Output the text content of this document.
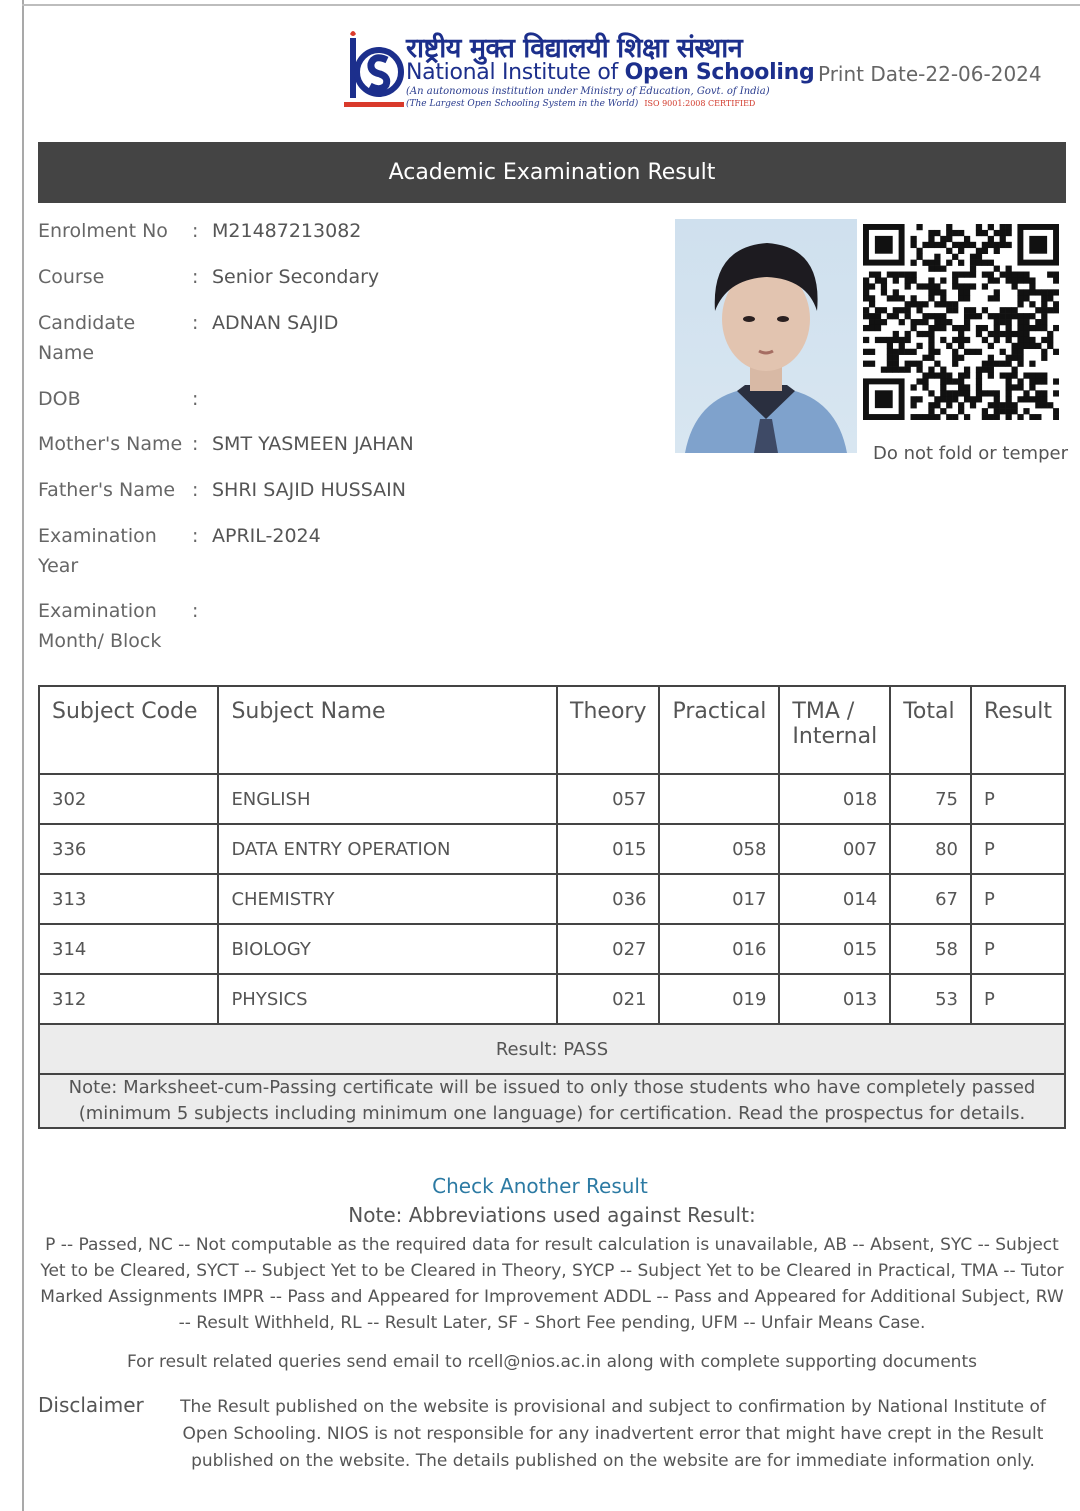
राष्ट्रीय मुक्त विद्यालयी शिक्षा संस्थान
National Institute of Open Schooling
(An autonomous institution under Ministry of Education, Govt. of India)
(The Largest Open Schooling System in the World) ISO 9001:2008 CERTIFIED
Print Date-22-06-2024
Academic Examination Result
Enrolment No	: M21487213082
Course	: Senior Secondary
Candidate
Name
: ADNAN SAJID
DOB	:
Mother's Name : SMT YASMEEN JAHAN
Father's Name : SHRI SAJID HUSSAIN
Examination
Year
: APRIL-2024
Examination
Month/ Block
:
Do not fold or temper
Subject Code	Subject Name	Theory	Practical	TMA /
Internal	Total	Result
302	ENGLISH	057		018	75	P
336	DATA ENTRY OPERATION	015	058	007	80	P
313	CHEMISTRY	036	017	014	67	P
314	BIOLOGY	027	016	015	58	P
312	PHYSICS	021	019	013	53	P
Result: PASS						
Note: Marksheet-cum-Passing certificate will be issued to only those students who have completely passed (minimum 5 subjects including minimum one language) for certification. Read the prospectus for details.						
Check Another Result
Note: Abbreviations used against Result:
P -- Passed, NC -- Not computable as the required data for result calculation is unavailable, AB -- Absent, SYC -- Subject Yet to be Cleared, SYCT -- Subject Yet to be Cleared in Theory, SYCP -- Subject Yet to be Cleared in Practical, TMA -- Tutor Marked Assignments IMPR -- Pass and Appeared for Improvement ADDL -- Pass and Appeared for Additional Subject, RW -- Result Withheld, RL -- Result Later, SF - Short Fee pending, UFM -- Unfair Means Case.
For result related queries send email to rcell@nios.ac.in along with complete supporting documents
Disclaimer	The Result published on the website is provisional and subject to confirmation by National Institute of Open Schooling. NIOS is not responsible for any inadvertent error that might have crept in the Result published on the website. The details published on the website are for immediate information only.
